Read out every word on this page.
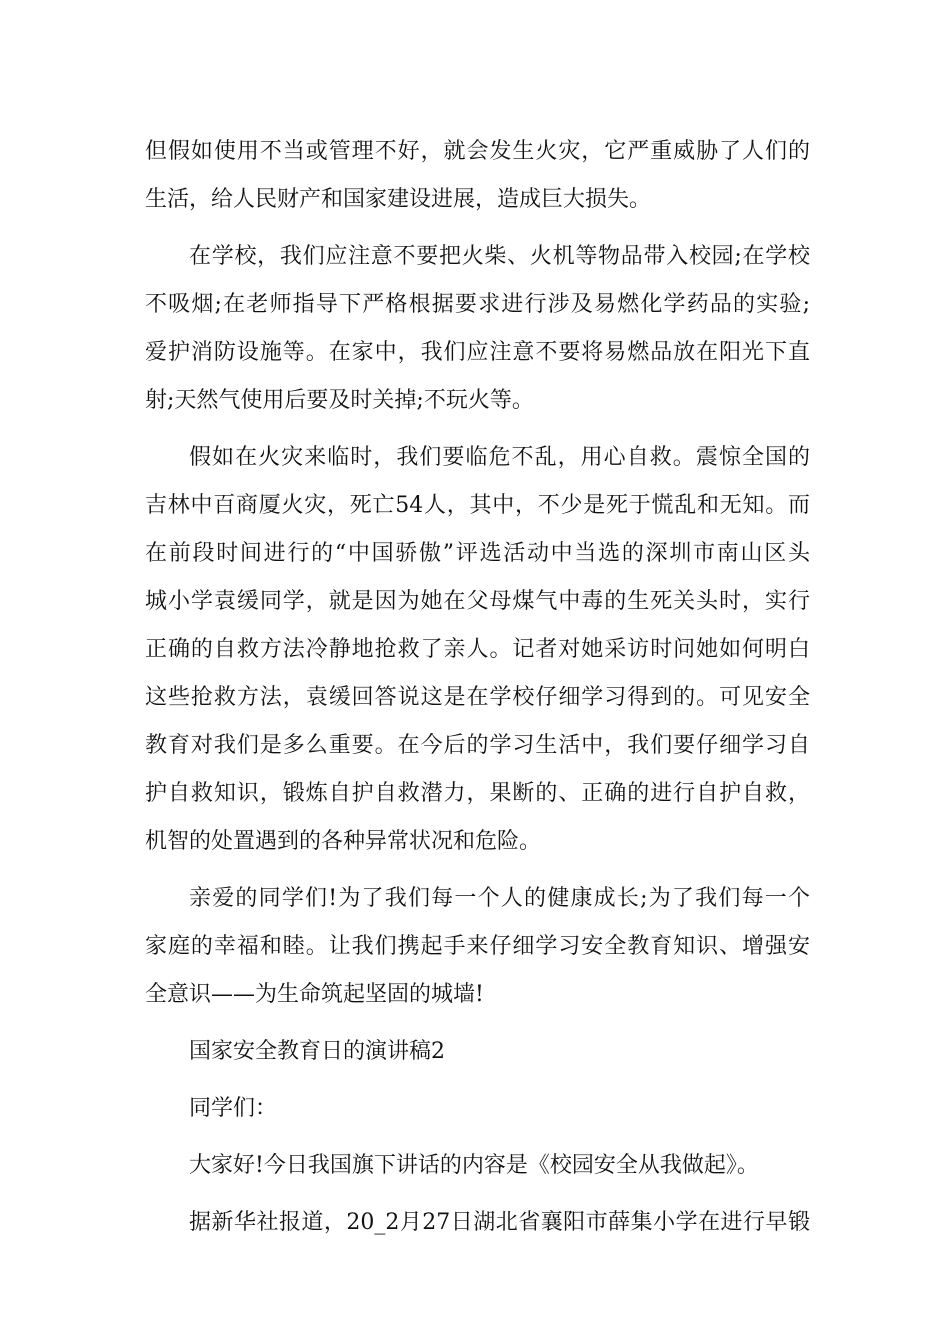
但假如使用不当或管理不好，就会发生火灾，它严重威胁了人们的
生活，给人民财产和国家建设进展，造成巨大损失。
在学校，我们应注意不要把火柴、火机等物品带入校园;在学校
不吸烟;在老师指导下严格根据要求进行涉及易燃化学药品的实验;
爱护消防设施等。在家中，我们应注意不要将易燃品放在阳光下直
射;天然气使用后要及时关掉;不玩火等。
假如在火灾来临时，我们要临危不乱，用心自救。震惊全国的
吉林中百商厦火灾，死亡54人，其中，不少是死于慌乱和无知。而
在前段时间进行的“中国骄傲”评选活动中当选的深圳市南山区头
城小学袁缓同学，就是因为她在父母煤气中毒的生死关头时，实行
正确的自救方法冷静地抢救了亲人。记者对她采访时问她如何明白
这些抢救方法，袁缓回答说这是在学校仔细学习得到的。可见安全
教育对我们是多么重要。在今后的学习生活中，我们要仔细学习自
护自救知识，锻炼自护自救潜力，果断的、正确的进行自护自救，
机智的处置遇到的各种异常状况和危险。
亲爱的同学们!为了我们每一个人的健康成长;为了我们每一个
家庭的幸福和睦。让我们携起手来仔细学习安全教育知识、增强安
全意识——为生命筑起坚固的城墙!
国家安全教育日的演讲稿2
同学们：
大家好!今日我国旗下讲话的内容是《校园安全从我做起》。
据新华社报道，20_2月27日湖北省襄阳市薛集小学在进行早锻
